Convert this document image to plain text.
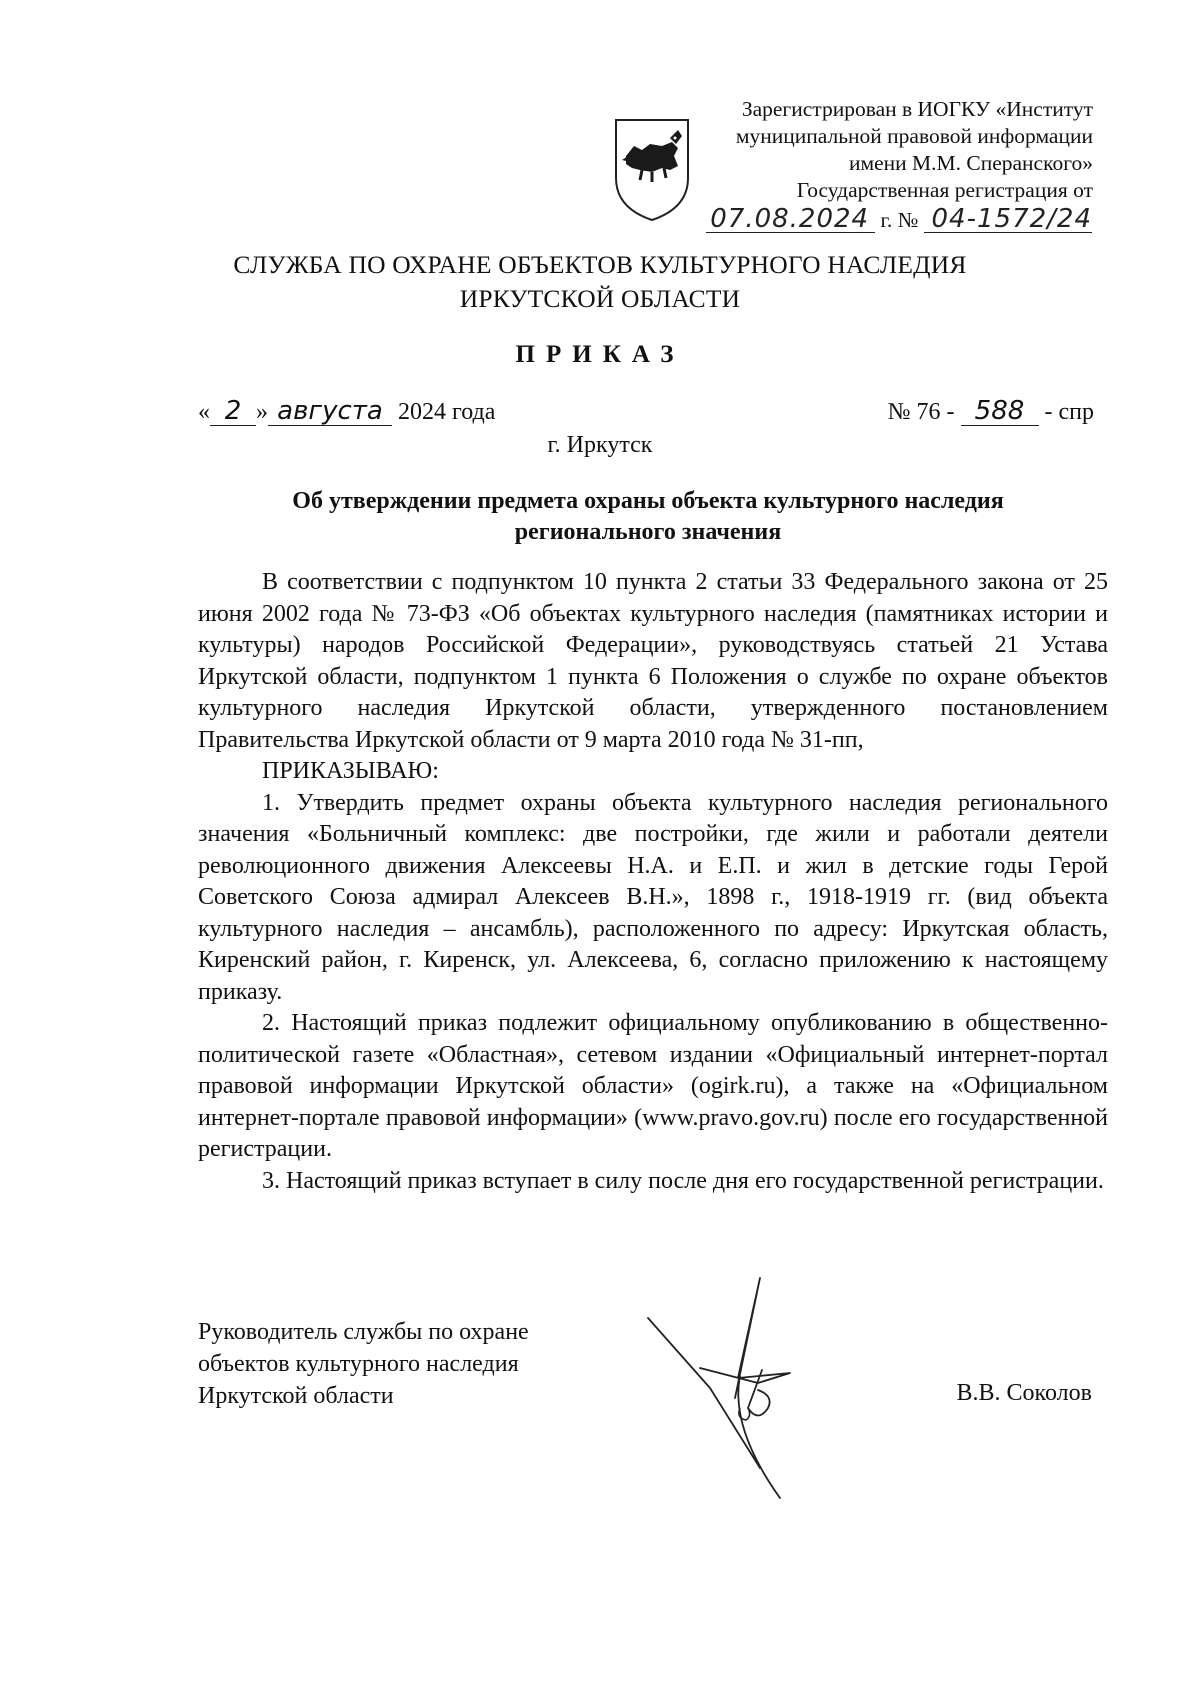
Зарегистрирован в ИОГКУ «Институт
муниципальной правовой информации
имени М.М. Сперанского»
Государственная регистрация от
07.08.2024 г. № 04-1572/24
СЛУЖБА ПО ОХРАНЕ ОБЪЕКТОВ КУЛЬТУРНОГО НАСЛЕДИЯ
ИРКУТСКОЙ ОБЛАСТИ
ПРИКАЗ
« 2 » августа 2024 года	№ 76 - 588 - спр
г. Иркутск
Об утверждении предмета охраны объекта культурного наследия
регионального значения

В соответствии с подпунктом 10 пункта 2 статьи 33 Федерального закона от 25 июня 2002 года № 73-ФЗ «Об объектах культурного наследия (памятниках истории и культуры) народов Российской Федерации», руководствуясь статьей 21 Устава Иркутской области, подпунктом 1 пункта 6 Положения о службе по охране объектов культурного наследия Иркутской области, утвержденного постановлением Правительства Иркутской области от 9 марта 2010 года № 31-пп,

ПРИКАЗЫВАЮ:

1. Утвердить предмет охраны объекта культурного наследия регионального значения «Больничный комплекс: две постройки, где жили и работали деятели революционного движения Алексеевы Н.А. и Е.П. и жил в детские годы Герой Советского Союза адмирал Алексеев В.Н.», 1898 г., 1918-1919 гг. (вид объекта культурного наследия – ансамбль), расположенного по адресу: Иркутская область, Киренский район, г. Киренск, ул. Алексеева, 6, согласно приложению к настоящему приказу.

2. Настоящий приказ подлежит официальному опубликованию в общественно-политической газете «Областная», сетевом издании «Официальный интернет-портал правовой информации Иркутской области» (ogirk.ru), а также на «Официальном интернет-портале правовой информации» (www.pravo.gov.ru) после его государственной регистрации.

3. Настоящий приказ вступает в силу после дня его государственной регистрации.

Руководитель службы по охране
объектов культурного наследия
Иркутской области	В.В. Соколов
